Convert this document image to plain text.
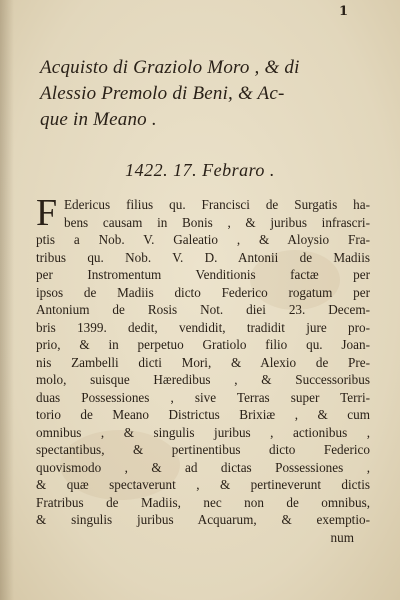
1
Acquisto di Graziolo Moro , & di
Alessio Premolo di Beni, & Ac-
que in Meano .
1422. 17. Febraro .
F Edericus filius qu. Francisci de Surgatis ha-
bens causam in Bonis , & juribus infrascri-
ptis a Nob. V. Galeatio , & Aloysio Fra-
tribus qu. Nob. V. D. Antonii de Madiis
per Instromentum Venditionis factæ per
ipsos de Madiis dicto Federico rogatum per
Antonium de Rosis Not. diei 23. Decem-
bris 1399. dedit, vendidit, tradidit jure pro-
prio, & in perpetuo Gratiolo filio qu. Joan-
nis Zambelli dicti Mori, & Alexio de Pre-
molo, suisque Hæredibus , & Successoribus
duas Possessiones , sive Terras super Terri-
torio de Meano Districtus Brixiæ , & cum
omnibus , & singulis juribus , actionibus ,
spectantibus, & pertinentibus dicto Federico
quovismodo , & ad dictas Possessiones ,
& quæ spectaverunt , & pertineverunt dictis
Fratribus de Madiis, nec non de omnibus,
& singulis juribus Acquarum, & exemptio-
num
